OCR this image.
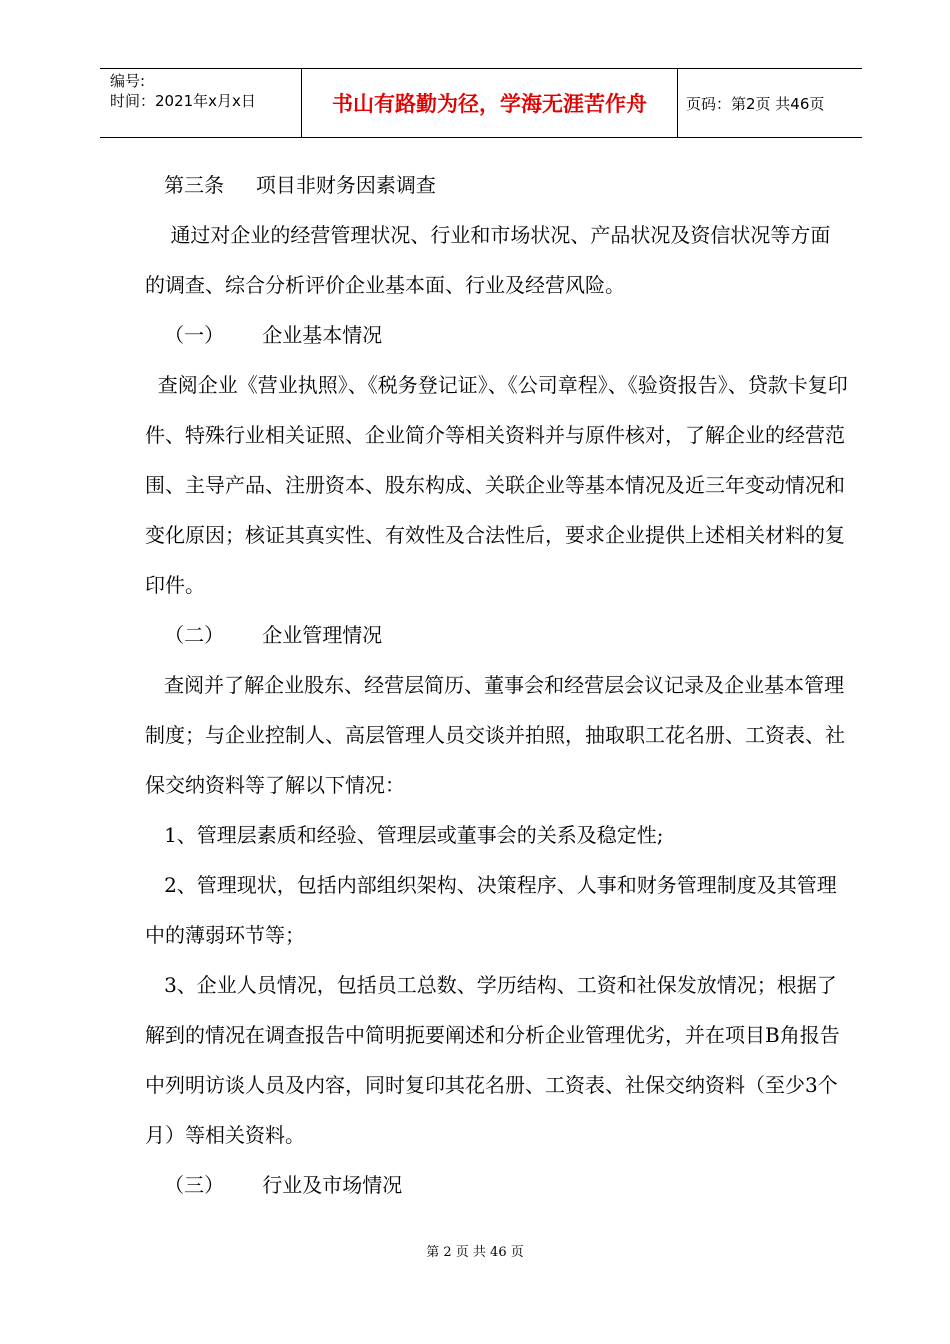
编号:
时间：2021年x月x日	书山有路勤为径，学海无涯苦作舟	页码：第2页 共46页

第三条     项目非财务因素调查

通过对企业的经营管理状况、行业和市场状况、产品状况及资信状况等方面的调查、综合分析评价企业基本面、行业及经营风险。

（一）      企业基本情况

查阅企业《营业执照》、《税务登记证》、《公司章程》、《验资报告》、贷款卡复印件、特殊行业相关证照、企业简介等相关资料并与原件核对，了解企业的经营范围、主导产品、注册资本、股东构成、关联企业等基本情况及近三年变动情况和变化原因；核证其真实性、有效性及合法性后，要求企业提供上述相关材料的复印件。

（二）      企业管理情况

查阅并了解企业股东、经营层简历、董事会和经营层会议记录及企业基本管理制度；与企业控制人、高层管理人员交谈并拍照，抽取职工花名册、工资表、社保交纳资料等了解以下情况：

1、管理层素质和经验、管理层或董事会的关系及稳定性;

2、管理现状，包括内部组织架构、决策程序、人事和财务管理制度及其管理中的薄弱环节等；

3、企业人员情况，包括员工总数、学历结构、工资和社保发放情况；根据了解到的情况在调查报告中简明扼要阐述和分析企业管理优劣，并在项目B角报告中列明访谈人员及内容，同时复印其花名册、工资表、社保交纳资料（至少3个月）等相关资料。

（三）      行业及市场情况

第 2 页 共 46 页
